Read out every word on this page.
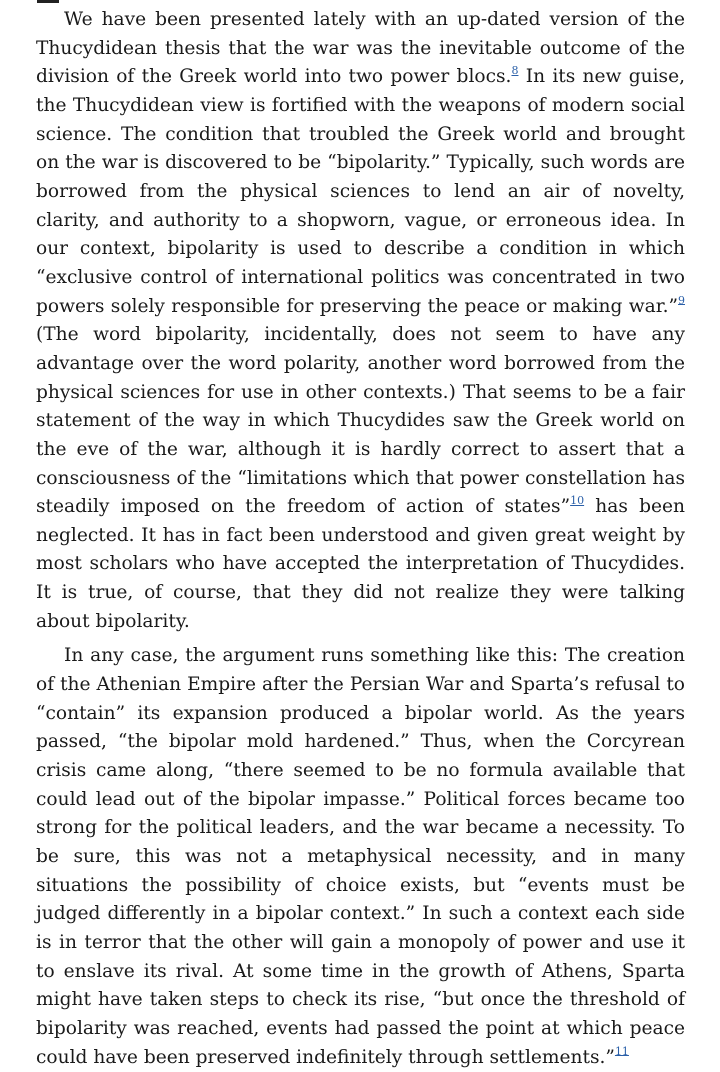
We have been presented lately with an up-dated version of the Thucydidean thesis that the war was the inevitable outcome of the division of the Greek world into two power blocs.$^8$ In its new guise, the Thucydidean view is fortified with the weapons of modern social science. The condition that troubled the Greek world and brought on the war is discovered to be “bipolarity.” Typically, such words are borrowed from the physical sciences to lend an air of novelty, clarity, and authority to a shopworn, vague, or erroneous idea. In our context, bipolarity is used to describe a condition in which “exclusive control of international politics was concentrated in two powers solely responsible for preserving the peace or making war.”$^9$ (The word bipolarity, incidentally, does not seem to have any advantage over the word polarity, another word borrowed from the physical sciences for use in other contexts.) That seems to be a fair statement of the way in which Thucydides saw the Greek world on the eve of the war, although it is hardly correct to assert that a consciousness of the “limitations which that power constellation has steadily imposed on the freedom of action of states”$^{10}$ has been neglected. It has in fact been understood and given great weight by most scholars who have accepted the interpretation of Thucydides. It is true, of course, that they did not realize they were talking about bipolarity.

In any case, the argument runs something like this: The creation of the Athenian Empire after the Persian War and Sparta’s refusal to “contain” its expansion produced a bipolar world. As the years passed, “the bipolar mold hardened.” Thus, when the Corcyrean crisis came along, “there seemed to be no formula available that could lead out of the bipolar impasse.” Political forces became too strong for the political leaders, and the war became a necessity. To be sure, this was not a metaphysical necessity, and in many situations the possibility of choice exists, but “events must be judged differently in a bipolar context.” In such a context each side is in terror that the other will gain a monopoly of power and use it to enslave its rival. At some time in the growth of Athens, Sparta might have taken steps to check its rise, “but once the threshold of bipolarity was reached, events had passed the point at which peace could have been preserved indefinitely through settlements.”$^{11}$
